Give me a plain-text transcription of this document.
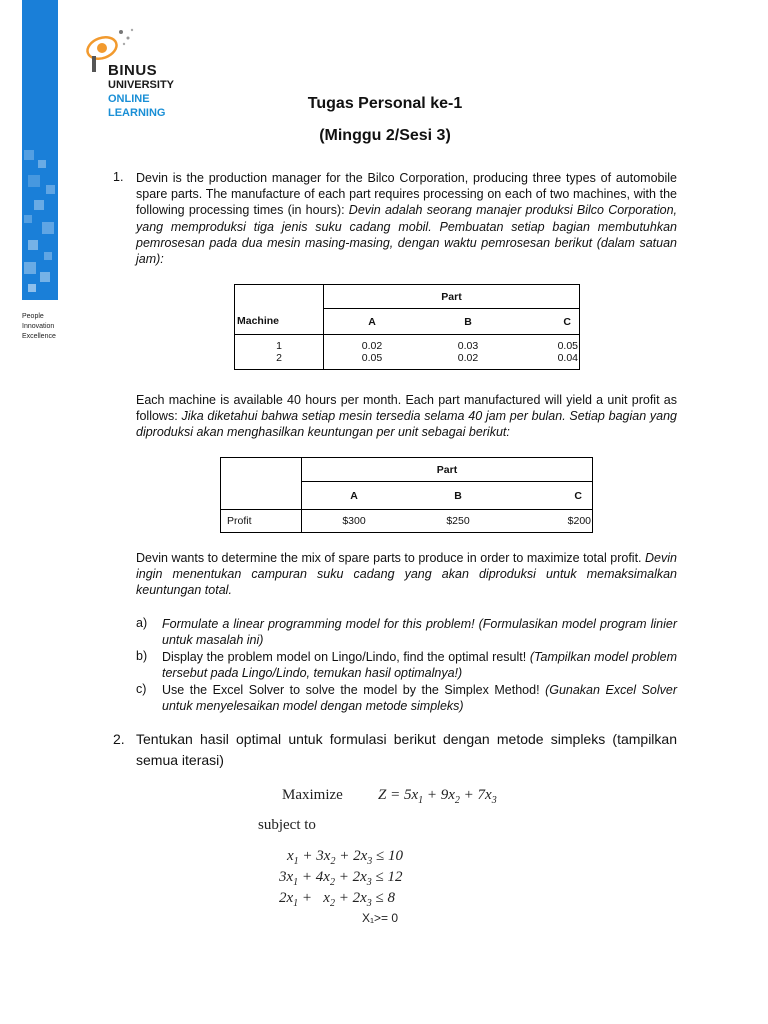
People
Innovation
Excellence
BINUS
UNIVERSITY
ONLINE
LEARNING
Tugas Personal ke-1
(Minggu 2/Sesi 3)
1. Devin is the production manager for the Bilco Corporation, producing three types of automobile spare parts. The manufacture of each part requires processing on each of two machines, with the following processing times (in hours): Devin adalah seorang manajer produksi Bilco Corporation, yang memproduksi tiga jenis suku cadang mobil. Pembuatan setiap bagian membutuhkan pemrosesan pada dua mesin masing-masing, dengan waktu pemrosesan berikut (dalam satuan jam):
	Part		
Machine	A	B	C
1	0.02	0.03	0.05
2	0.05	0.02	0.04
Each machine is available 40 hours per month. Each part manufactured will yield a unit profit as follows: Jika diketahui bahwa setiap mesin tersedia selama 40 jam per bulan. Setiap bagian yang diproduksi akan menghasilkan keuntungan per unit sebagai berikut:
	Part		
	A	B	C
Profit	$300	$250	$200
Devin wants to determine the mix of spare parts to produce in order to maximize total profit. Devin ingin menentukan campuran suku cadang yang akan diproduksi untuk memaksimalkan keuntungan total.
a) Formulate a linear programming model for this problem! (Formulasikan model program linier untuk masalah ini)
b) Display the problem model on Lingo/Lindo, find the optimal result! (Tampilkan model problem tersebut pada Lingo/Lindo, temukan hasil optimalnya!)
c) Use the Excel Solver to solve the model by the Simplex Method! (Gunakan Excel Solver untuk menyelesaikan model dengan metode simpleks)
2. Tentukan hasil optimal untuk formulasi berikut dengan metode simpleks (tampilkan semua iterasi)
Maximize $Z = 5x_1 + 9x_2 + 7x_3$
subject to
$x_1 + 3x_2 + 2x_3 \le 10$
$3x_1 + 4x_2 + 2x_3 \le 12$
$2x_1 + x_2 + 2x_3 \le 8$
X₁>= 0
